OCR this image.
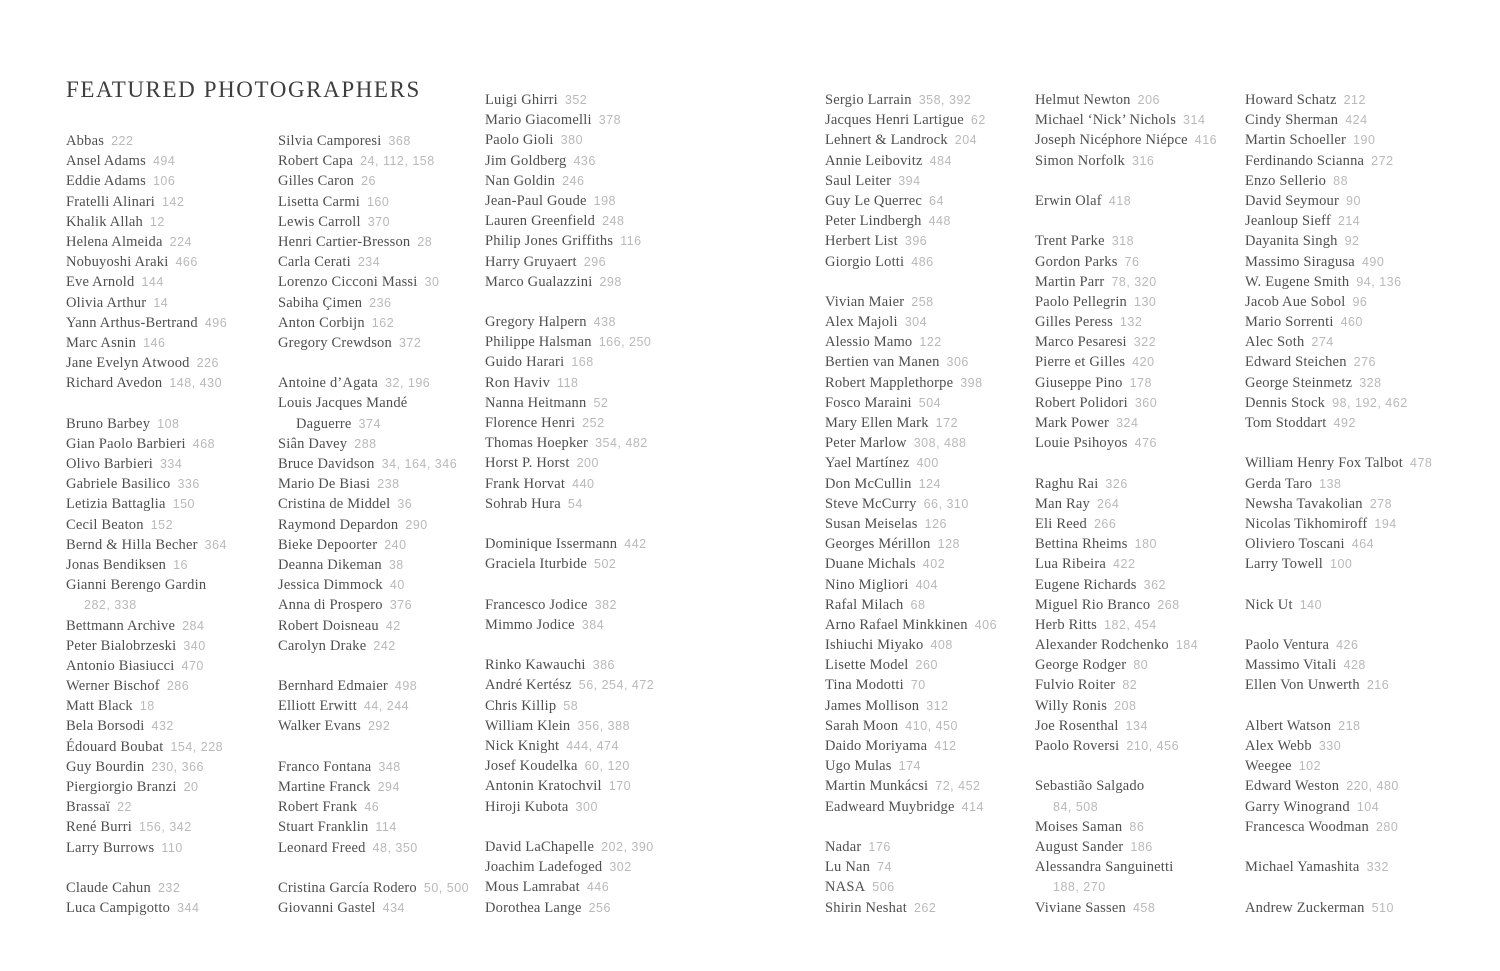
FEATURED PHOTOGRAPHERS
Abbas 222
Ansel Adams 494
Eddie Adams 106
Fratelli Alinari 142
Khalik Allah 12
Helena Almeida 224
Nobuyoshi Araki 466
Eve Arnold 144
Olivia Arthur 14
Yann Arthus-Bertrand 496
Marc Asnin 146
Jane Evelyn Atwood 226
Richard Avedon 148, 430
Bruno Barbey 108
Gian Paolo Barbieri 468
Olivo Barbieri 334
Gabriele Basilico 336
Letizia Battaglia 150
Cecil Beaton 152
Bernd & Hilla Becher 364
Jonas Bendiksen 16
Gianni Berengo Gardin
282, 338
Bettmann Archive 284
Peter Bialobrzeski 340
Antonio Biasiucci 470
Werner Bischof 286
Matt Black 18
Bela Borsodi 432
Édouard Boubat 154, 228
Guy Bourdin 230, 366
Piergiorgio Branzi 20
Brassaï 22
René Burri 156, 342
Larry Burrows 110
Claude Cahun 232
Luca Campigotto 344
Silvia Camporesi 368
Robert Capa 24, 112, 158
Gilles Caron 26
Lisetta Carmi 160
Lewis Carroll 370
Henri Cartier-Bresson 28
Carla Cerati 234
Lorenzo Cicconi Massi 30
Sabiha Çimen 236
Anton Corbijn 162
Gregory Crewdson 372
Antoine d’Agata 32, 196
Louis Jacques Mandé
Daguerre 374
Siân Davey 288
Bruce Davidson 34, 164, 346
Mario De Biasi 238
Cristina de Middel 36
Raymond Depardon 290
Bieke Depoorter 240
Deanna Dikeman 38
Jessica Dimmock 40
Anna di Prospero 376
Robert Doisneau 42
Carolyn Drake 242
Bernhard Edmaier 498
Elliott Erwitt 44, 244
Walker Evans 292
Franco Fontana 348
Martine Franck 294
Robert Frank 46
Stuart Franklin 114
Leonard Freed 48, 350
Cristina García Rodero 50, 500
Giovanni Gastel 434
Luigi Ghirri 352
Mario Giacomelli 378
Paolo Gioli 380
Jim Goldberg 436
Nan Goldin 246
Jean-Paul Goude 198
Lauren Greenfield 248
Philip Jones Griffiths 116
Harry Gruyaert 296
Marco Gualazzini 298
Gregory Halpern 438
Philippe Halsman 166, 250
Guido Harari 168
Ron Haviv 118
Nanna Heitmann 52
Florence Henri 252
Thomas Hoepker 354, 482
Horst P. Horst 200
Frank Horvat 440
Sohrab Hura 54
Dominique Issermann 442
Graciela Iturbide 502
Francesco Jodice 382
Mimmo Jodice 384
Rinko Kawauchi 386
André Kertész 56, 254, 472
Chris Killip 58
William Klein 356, 388
Nick Knight 444, 474
Josef Koudelka 60, 120
Antonin Kratochvil 170
Hiroji Kubota 300
David LaChapelle 202, 390
Joachim Ladefoged 302
Mous Lamrabat 446
Dorothea Lange 256
Sergio Larrain 358, 392
Jacques Henri Lartigue 62
Lehnert & Landrock 204
Annie Leibovitz 484
Saul Leiter 394
Guy Le Querrec 64
Peter Lindbergh 448
Herbert List 396
Giorgio Lotti 486
Vivian Maier 258
Alex Majoli 304
Alessio Mamo 122
Bertien van Manen 306
Robert Mapplethorpe 398
Fosco Maraini 504
Mary Ellen Mark 172
Peter Marlow 308, 488
Yael Martínez 400
Don McCullin 124
Steve McCurry 66, 310
Susan Meiselas 126
Georges Mérillon 128
Duane Michals 402
Nino Migliori 404
Rafal Milach 68
Arno Rafael Minkkinen 406
Ishiuchi Miyako 408
Lisette Model 260
Tina Modotti 70
James Mollison 312
Sarah Moon 410, 450
Daido Moriyama 412
Ugo Mulas 174
Martin Munkácsi 72, 452
Eadweard Muybridge 414
Nadar 176
Lu Nan 74
NASA 506
Shirin Neshat 262
Helmut Newton 206
Michael ‘Nick’ Nichols 314
Joseph Nicéphore Niépce 416
Simon Norfolk 316
Erwin Olaf 418
Trent Parke 318
Gordon Parks 76
Martin Parr 78, 320
Paolo Pellegrin 130
Gilles Peress 132
Marco Pesaresi 322
Pierre et Gilles 420
Giuseppe Pino 178
Robert Polidori 360
Mark Power 324
Louie Psihoyos 476
Raghu Rai 326
Man Ray 264
Eli Reed 266
Bettina Rheims 180
Lua Ribeira 422
Eugene Richards 362
Miguel Rio Branco 268
Herb Ritts 182, 454
Alexander Rodchenko 184
George Rodger 80
Fulvio Roiter 82
Willy Ronis 208
Joe Rosenthal 134
Paolo Roversi 210, 456
Sebastião Salgado
84, 508
Moises Saman 86
August Sander 186
Alessandra Sanguinetti
188, 270
Viviane Sassen 458
Howard Schatz 212
Cindy Sherman 424
Martin Schoeller 190
Ferdinando Scianna 272
Enzo Sellerio 88
David Seymour 90
Jeanloup Sieff 214
Dayanita Singh 92
Massimo Siragusa 490
W. Eugene Smith 94, 136
Jacob Aue Sobol 96
Mario Sorrenti 460
Alec Soth 274
Edward Steichen 276
George Steinmetz 328
Dennis Stock 98, 192, 462
Tom Stoddart 492
William Henry Fox Talbot 478
Gerda Taro 138
Newsha Tavakolian 278
Nicolas Tikhomiroff 194
Oliviero Toscani 464
Larry Towell 100
Nick Ut 140
Paolo Ventura 426
Massimo Vitali 428
Ellen Von Unwerth 216
Albert Watson 218
Alex Webb 330
Weegee 102
Edward Weston 220, 480
Garry Winogrand 104
Francesca Woodman 280
Michael Yamashita 332
Andrew Zuckerman 510
